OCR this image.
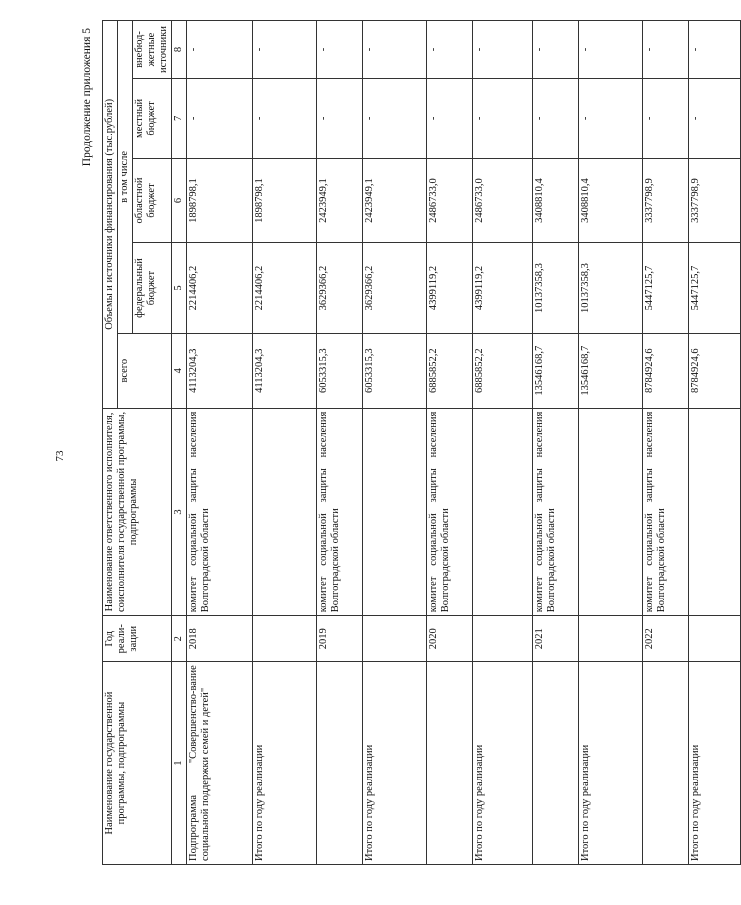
73
Продолжение приложения 5
Наименование государственной программы, подпрограммы	Год реали-зации	Наименование ответственного исполнителя, соисполнителя государственной программы, подпрограммы	Объемы и источники финансирования (тыс.рублей)				
			всего	в том числе			
				федеральный бюджет	областной бюджет	местный бюджет	внебюд-жетные источники
1	2	3	4	5	6	7	8
Подпрограмма "Совершенство-вание социальной поддержки семей и детей"	2018	комитет социальной защиты населения Волгоградской области	4113204,3	2214406,2	1898798,1	-	-
Итого по году реализации			4113204,3	2214406,2	1898798,1	-	-
	2019	комитет социальной защиты населения Волгоградской области	6053315,3	3629366,2	2423949,1	-	-
Итого по году реализации			6053315,3	3629366,2	2423949,1	-	-
	2020	комитет социальной защиты населения Волгоградской области	6885852,2	4399119,2	2486733,0	-	-
Итого по году реализации			6885852,2	4399119,2	2486733,0	-	-
	2021	комитет социальной защиты населения Волгоградской области	13546168,7	10137358,3	3408810,4	-	-
Итого по году реализации			13546168,7	10137358,3	3408810,4	-	-
	2022	комитет социальной защиты населения Волгоградской области	8784924,6	5447125,7	3337798,9	-	-
Итого по году реализации			8784924,6	5447125,7	3337798,9	-	-
